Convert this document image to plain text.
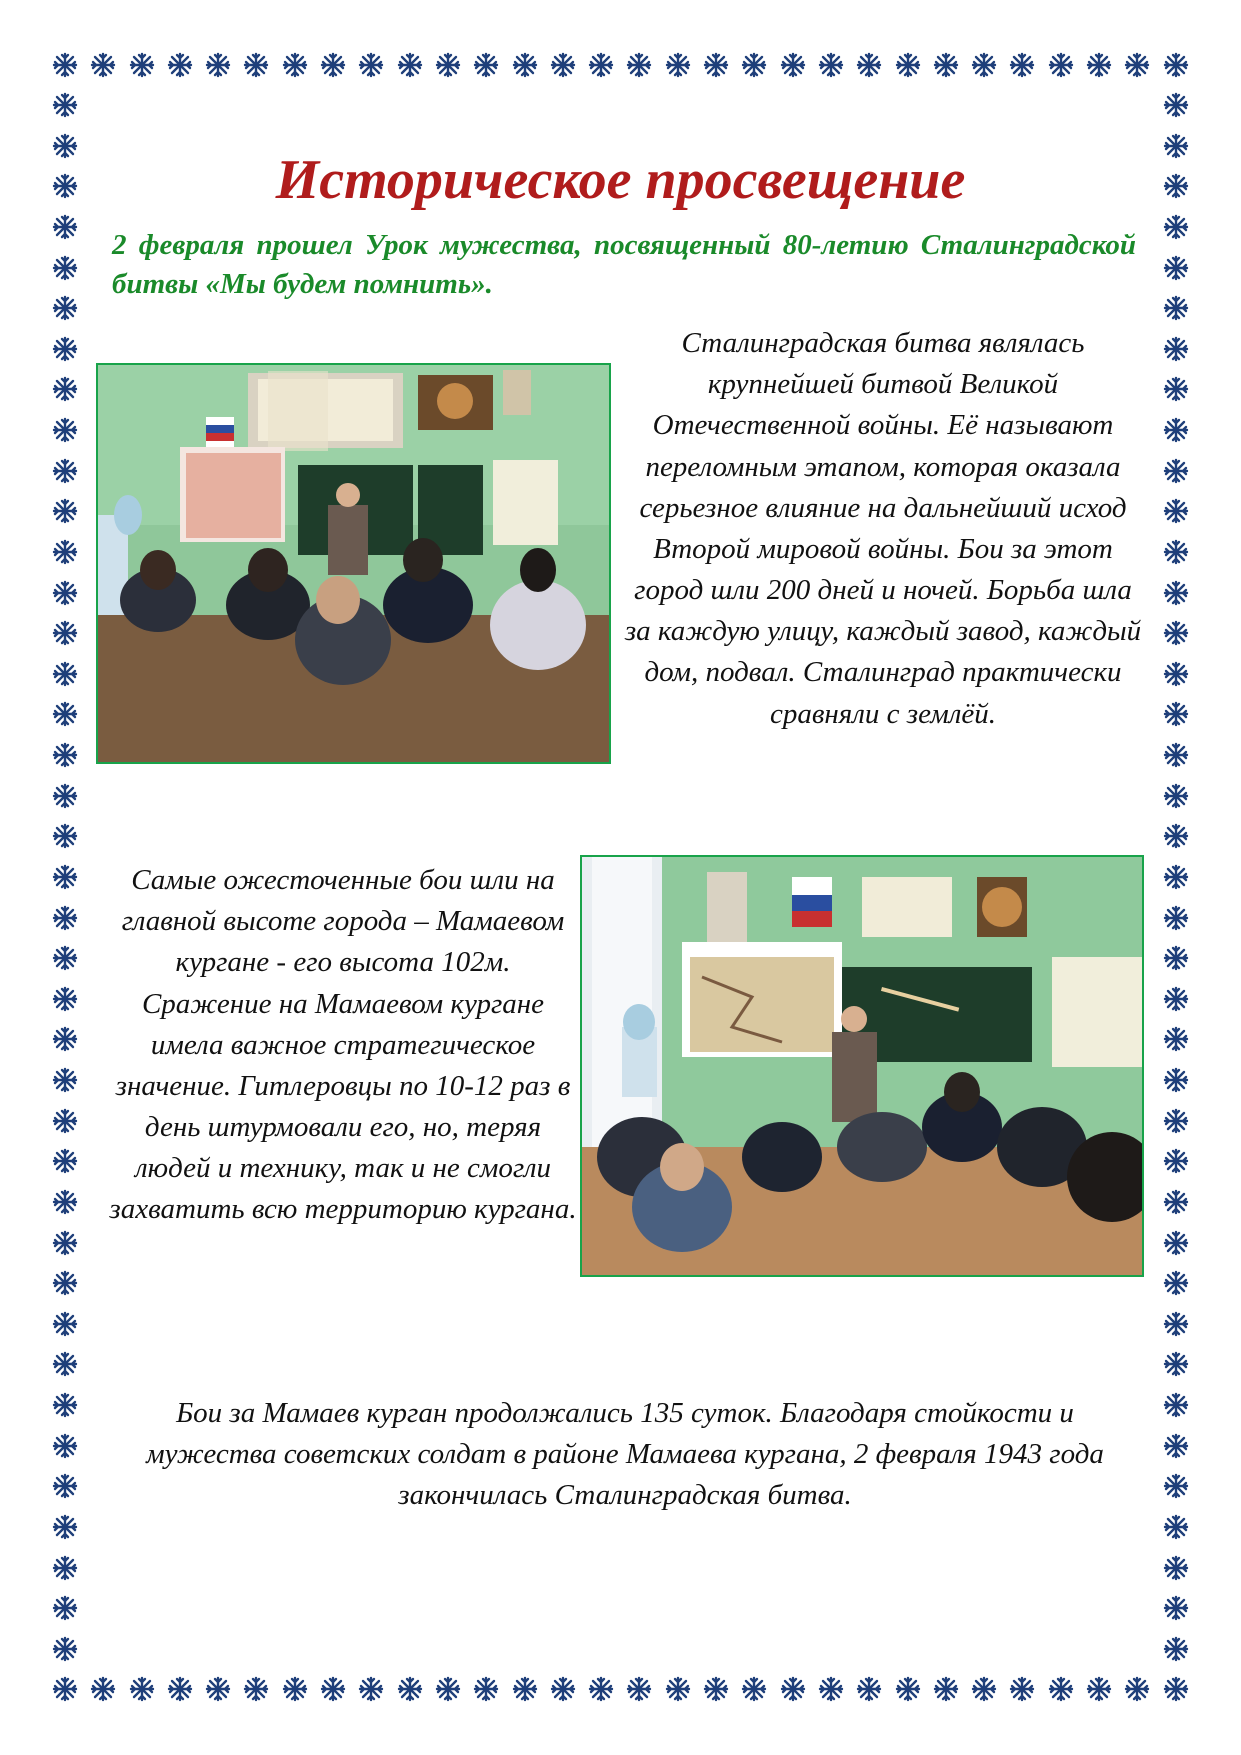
Историческое просвещение

2 февраля прошел Урок мужества, посвященный 80-летию Сталинградской битвы «Мы будем помнить».

Сталинградская битва являлась крупнейшей битвой Великой Отечественной войны. Её называют переломным этапом, которая оказала серьезное влияние на дальнейший исход Второй мировой войны. Бои за этот город шли 200 дней и ночей. Борьба шла за каждую улицу, каждый завод, каждый дом, подвал. Сталинград практически сравняли с землёй.

Самые ожесточенные бои шли на главной высоте города – Мамаевом кургане - его высота 102м. Сражение на Мамаевом кургане имела важное стратегическое значение. Гитлеровцы по 10-12 раз в день штурмовали его, но, теряя людей и технику, так и не смогли захватить всю территорию кургана.

Бои за Мамаев курган продолжались 135 суток. Благодаря стойкости и мужества советских солдат в районе Мамаева кургана, 2 февраля 1943 года закончилась Сталинградская битва.
